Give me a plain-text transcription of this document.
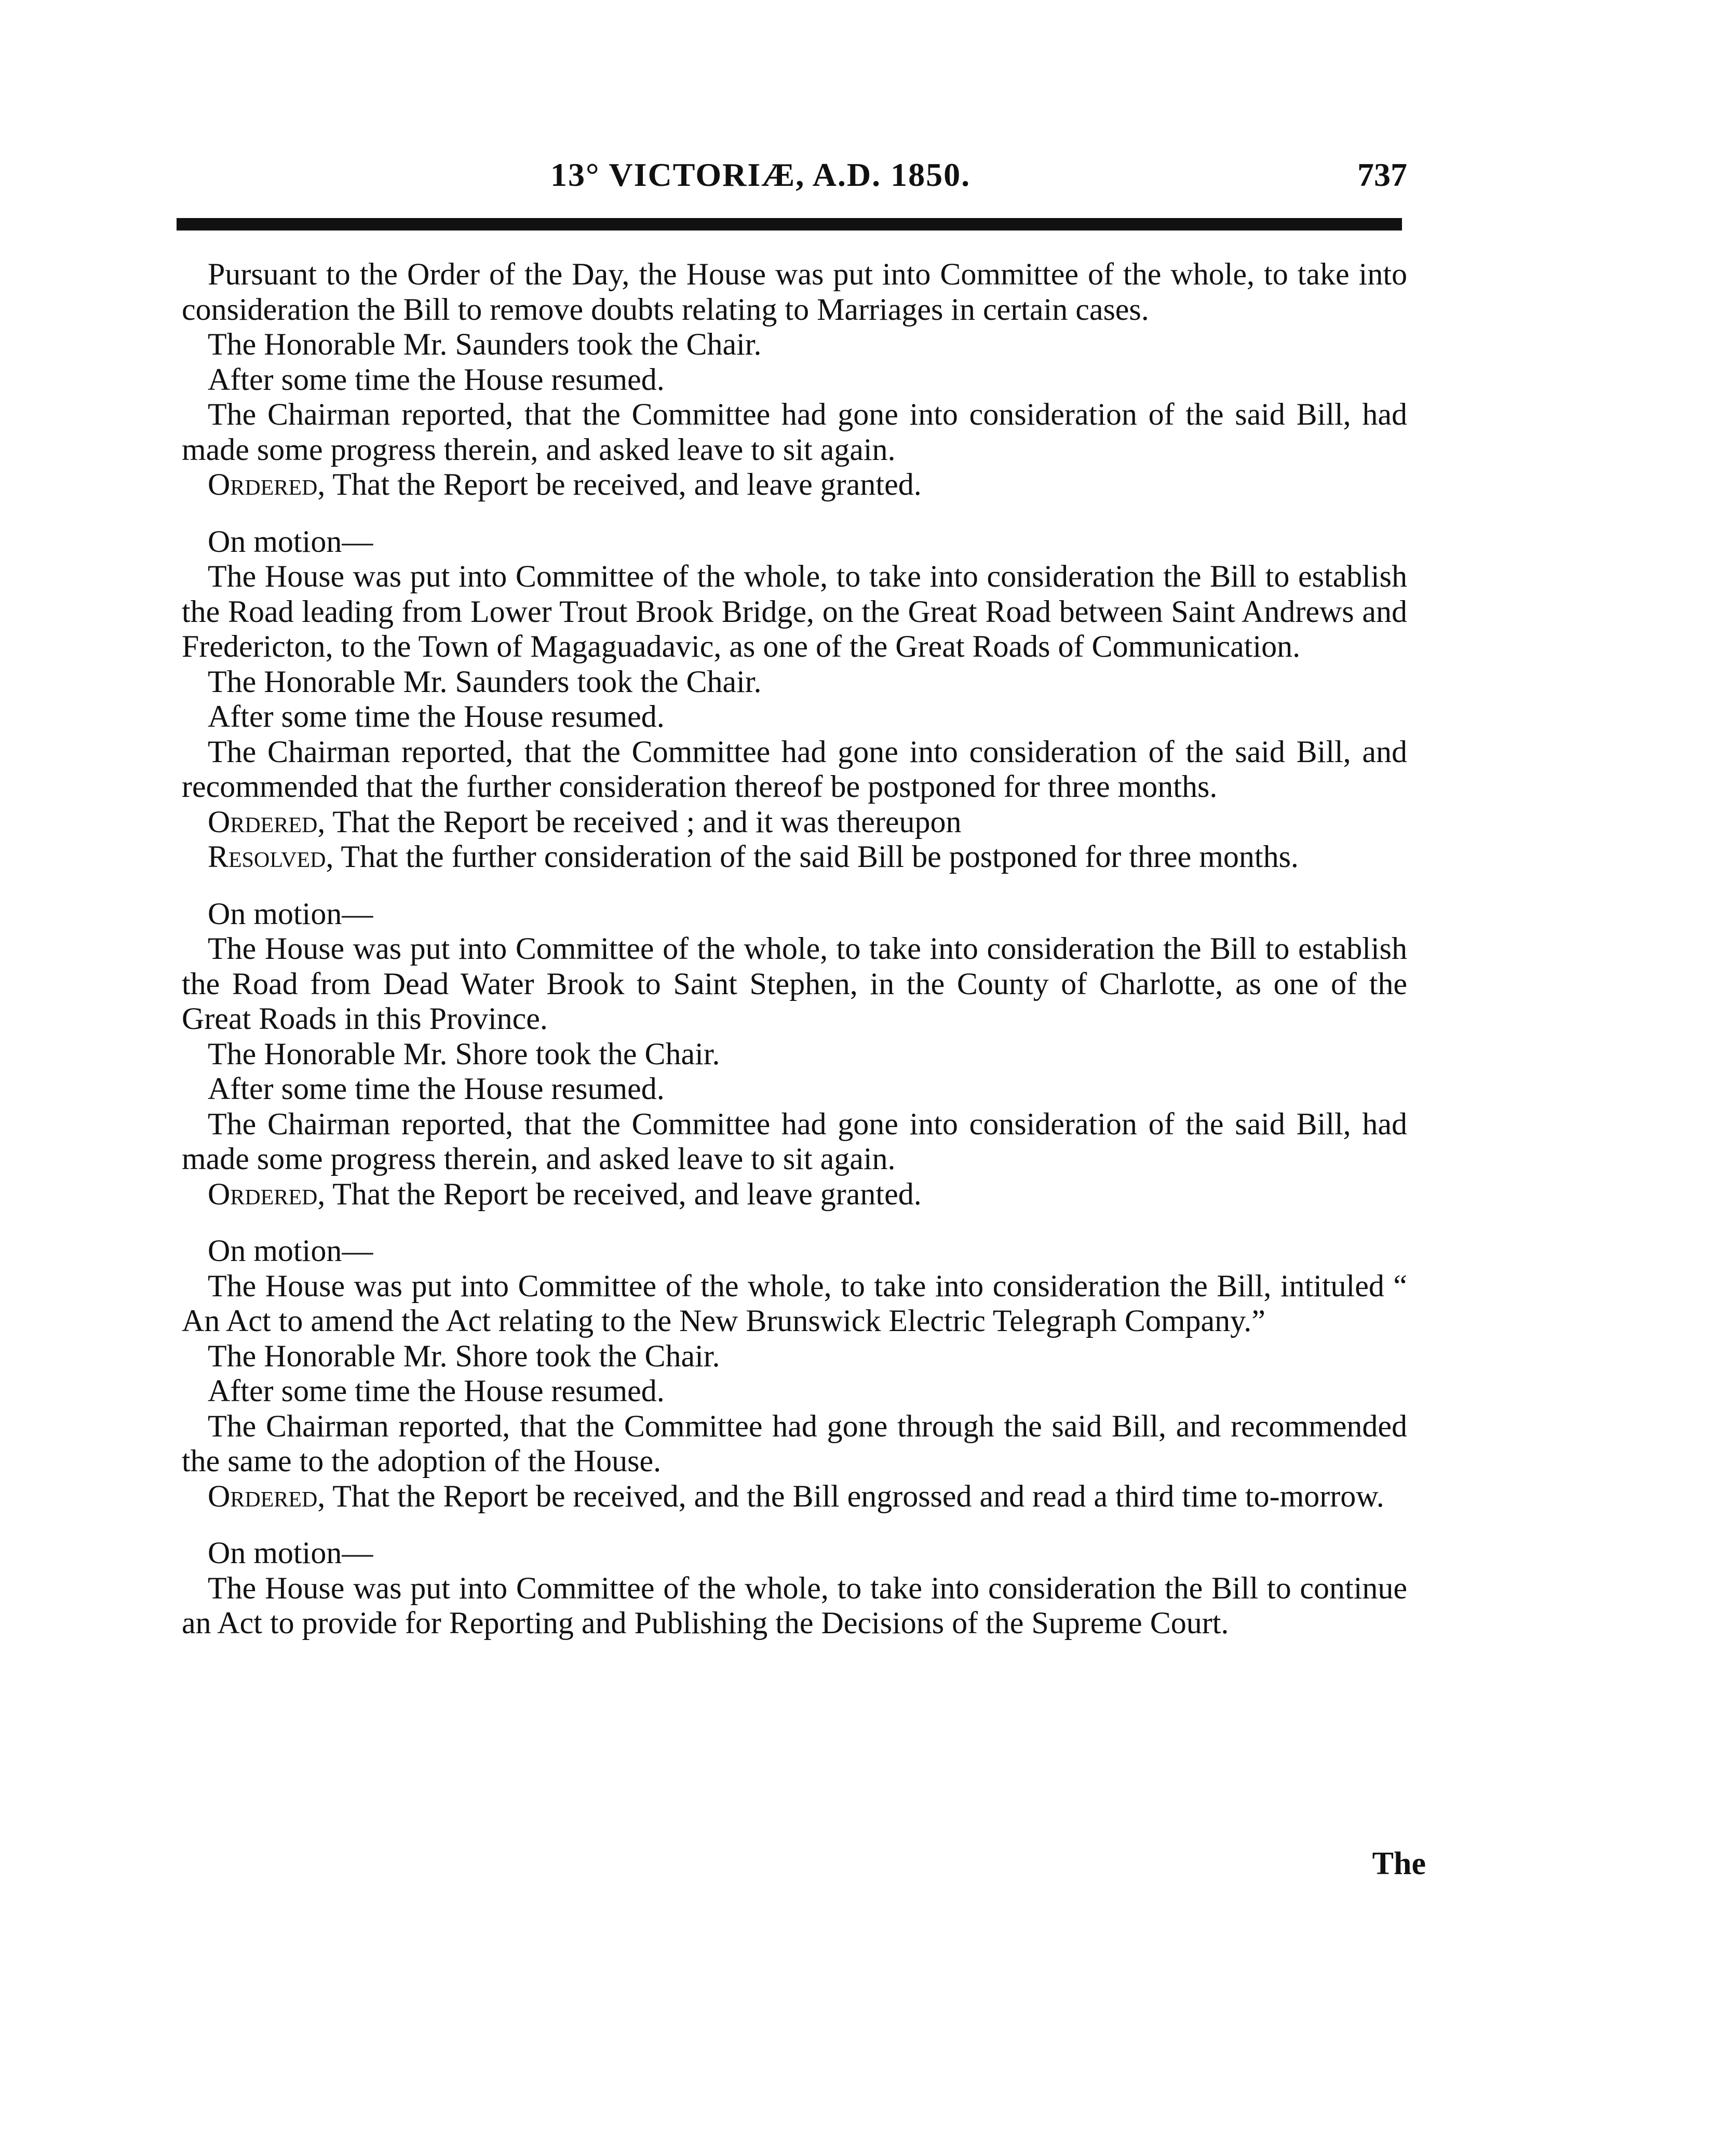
13° VICTORIÆ, A.D. 1850.	737

Pursuant to the Order of the Day, the House was put into Committee of the whole, to take into consideration the Bill to remove doubts relating to Marriages in certain cases.

The Honorable Mr. Saunders took the Chair.

After some time the House resumed.

The Chairman reported, that the Committee had gone into consideration of the said Bill, had made some progress therein, and asked leave to sit again.

Ordered, That the Report be received, and leave granted.

On motion—

The House was put into Committee of the whole, to take into consideration the Bill to establish the Road leading from Lower Trout Brook Bridge, on the Great Road between Saint Andrews and Fredericton, to the Town of Magaguadavic, as one of the Great Roads of Communication.

The Honorable Mr. Saunders took the Chair.

After some time the House resumed.

The Chairman reported, that the Committee had gone into consideration of the said Bill, and recommended that the further consideration thereof be postponed for three months.

Ordered, That the Report be received ; and it was thereupon

Resolved, That the further consideration of the said Bill be postponed for three months.

On motion—

The House was put into Committee of the whole, to take into consideration the Bill to establish the Road from Dead Water Brook to Saint Stephen, in the County of Charlotte, as one of the Great Roads in this Province.

The Honorable Mr. Shore took the Chair.

After some time the House resumed.

The Chairman reported, that the Committee had gone into consideration of the said Bill, had made some progress therein, and asked leave to sit again.

Ordered, That the Report be received, and leave granted.

On motion—

The House was put into Committee of the whole, to take into consideration the Bill, intituled “ An Act to amend the Act relating to the New Brunswick Electric Telegraph Company.”

The Honorable Mr. Shore took the Chair.

After some time the House resumed.

The Chairman reported, that the Committee had gone through the said Bill, and recommended the same to the adoption of the House.

Ordered, That the Report be received, and the Bill engrossed and read a third time to-morrow.

On motion—

The House was put into Committee of the whole, to take into consideration the Bill to continue an Act to provide for Reporting and Publishing the Decisions of the Supreme Court.

The
